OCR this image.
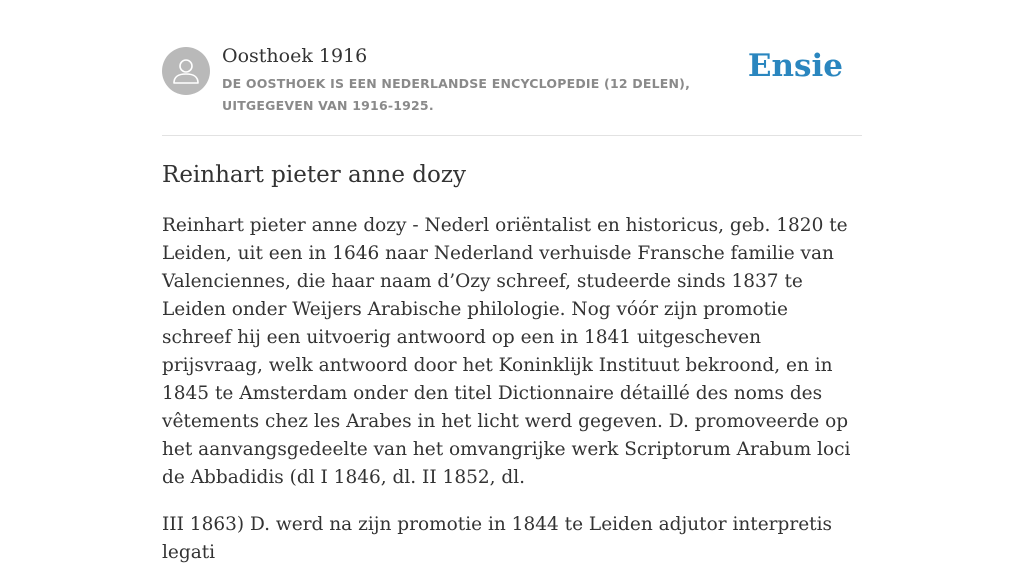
Oosthoek 1916
DE OOSTHOEK IS EEN NEDERLANDSE ENCYCLOPEDIE (12 DELEN), UITGEGEVEN VAN 1916-1925.
Ensie
Reinhart pieter anne dozy

Reinhart pieter anne dozy - Nederl oriëntalist en historicus, geb. 1820 te Leiden, uit een in 1646 naar Nederland verhuisde Fransche familie van Valenciennes, die haar naam d’Ozy schreef, studeerde sinds 1837 te Leiden onder Weijers Arabische philologie. Nog vóór zijn promotie schreef hij een uitvoerig antwoord op een in 1841 uitgescheven prijsvraag, welk antwoord door het Koninklijk Instituut bekroond, en in 1845 te Amsterdam onder den titel Dictionnaire détaillé des noms des vêtements chez les Arabes in het licht werd gegeven. D. promoveerde op het aanvangsgedeelte van het omvangrijke werk Scriptorum Arabum loci de Abbadidis (dl I 1846, dl. II 1852, dl.

III 1863) D. werd na zijn promotie in 1844 te Leiden adjutor interpretis legati
